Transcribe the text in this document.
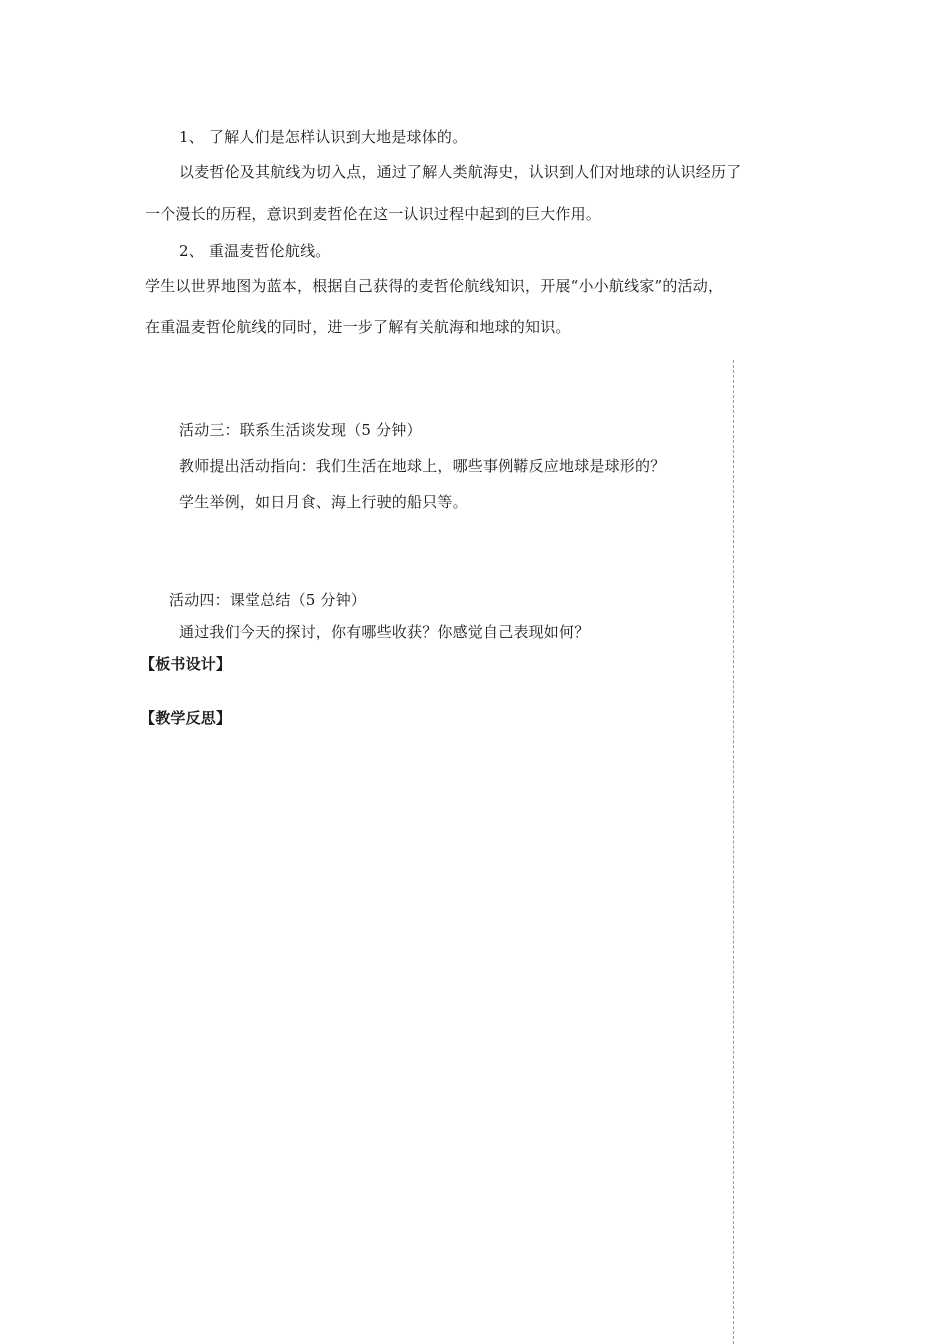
1、 了解人们是怎样认识到大地是球体的。
以麦哲伦及其航线为切入点，通过了解人类航海史，认识到人们对地球的认识经历了
一个漫长的历程，意识到麦哲伦在这一认识过程中起到的巨大作用。
2、 重温麦哲伦航线。
学生以世界地图为蓝本，根据自己获得的麦哲伦航线知识，开展“小小航线家”的活动，
在重温麦哲伦航线的同时，进一步了解有关航海和地球的知识。
活动三：联系生活谈发现（5 分钟）
教师提出活动指向：我们生活在地球上，哪些事例鞯反应地球是球形的？
学生举例，如日月食、海上行驶的船只等。
活动四：课堂总结（5 分钟）
通过我们今天的探讨，你有哪些收获？你感觉自己表现如何？
【板书设计】
【教学反思】
